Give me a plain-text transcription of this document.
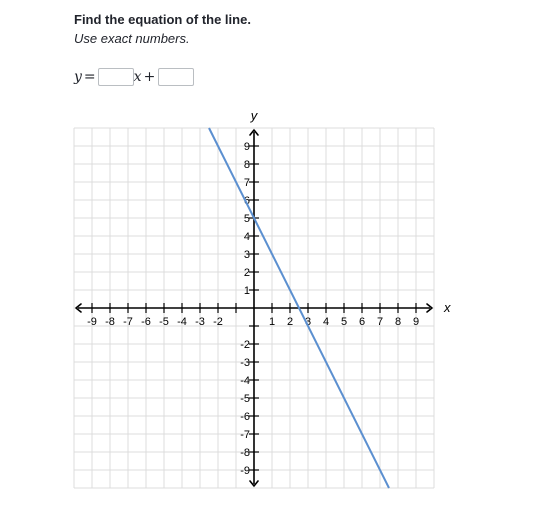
Find the equation of the line.
Use exact numbers.
y =	x +
-9 -8 -7 -6 -5 -4 -3 -2	1 2 3 4 5 6 7 8 9
9
8
7
6
5
4
3
2
1
-2
-3
-4
-5
-6
-7
-8
-9
x
y
